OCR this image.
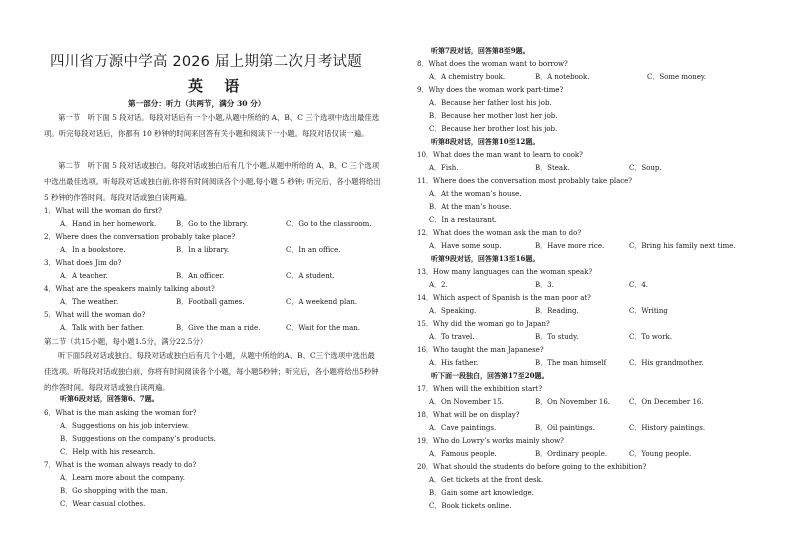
四川省万源中学高 2026 届上期第二次月考试题
英 语
第一部分：听力（共两节，满分 30 分）
第一节　听下面 5 段对话。每段对话后有一个小题,从题中所给的 A、B、C 三个选项中选出最佳选项。听完每段对话后，你都有 10 秒钟的时间来回答有关小题和阅读下一小题。每段对话仅读一遍。
第二节　听下面 5 段对话或独白。每段对话或独白后有几个小题,从题中所给的 A、B、C 三个选项中选出最佳选项。听每段对话或独白前,你将有时间阅读各个小题,每小题 5 秒钟; 听完后，各小题将给出 5 秒钟的作答时间。每段对话或独白读两遍。
1．What will the woman do first?
A．Hand in her homework.	B．Go to the library.	C．Go to the classroom.
2．Where does the conversation probably take place?
A．In a bookstore.	B．In a library.	C．In an office.
3．What does Jim do?
A．A teacher.	B．An officer.	C．A student.
4．What are the speakers mainly talking about?
A．The weather.	B．Football games.	C．A weekend plan.
5．What will the woman do?
A．Talk with her father.	B．Give the man a ride.	C．Wait for the man.
第二节（共15小题，每小题1.5分，满分22.5分）
听下面5段对话或独白。每段对话或独白后有几个小题，从题中所给的A、B、C三个选项中选出最佳选项。听每段对话或独白前，你将有时间阅读各个小题，每小题5秒钟；听完后，各小题将给出5秒钟的作答时间。每段对话或独白读两遍。
听第6段对话，回答第6、7题。
6．What is the man asking the woman for?
A．Suggestions on his job interview.
B．Suggestions on the company’s products.
C．Help with his research.
7．What is the woman always ready to do?
A．Learn more about the company.
B．Go shopping with the man.
C．Wear casual clothes.
听第7段对话，回答第8至9题。
8．What does the woman want to borrow?
A．A chemistry book.	B．A notebook.	C．Some money.
9．Why does the woman work part-time?
A．Because her father lost his job.
B．Because her mother lost her job.
C．Because her brother lost his job.
听第8段对话，回答第10至12题。
10．What does the man want to learn to cook?
A．Fish.	B．Steak.	C．Soup.
11．Where does the conversation most probably take place?
A．At the woman’s house.
B．At the man’s house.
C．In a restaurant.
12．What does the woman ask the man to do?
A．Have some soup.	B．Have more rice.	C．Bring his family next time.
听第9段对话，回答第13至16题。
13．How many languages can the woman speak?
A．2.	B．3.	C．4.
14．Which aspect of Spanish is the man poor at?
A．Speaking.	B．Reading.	C．Writing
15．Why did the woman go to Japan?
A．To travel.	B．To study.	C．To work.
16．Who taught the man Japanese?
A．His father.	B．The man himself	C．His grandmother.
听下面一段独白，回答第17至20题。
17．When will the exhibition start?
A．On November 15.	B．On November 16.	C．On December 16.
18．What will be on display?
A．Cave paintings.	B．Oil paintings.	C．History paintings.
19．Who do Lowry’s works mainly show?
A．Famous people.	B．Ordinary people.	C．Young people.
20．What should the students do before going to the exhibition?
A．Get tickets at the front desk.
B．Gain some art knowledge.
C．Book tickets online.
